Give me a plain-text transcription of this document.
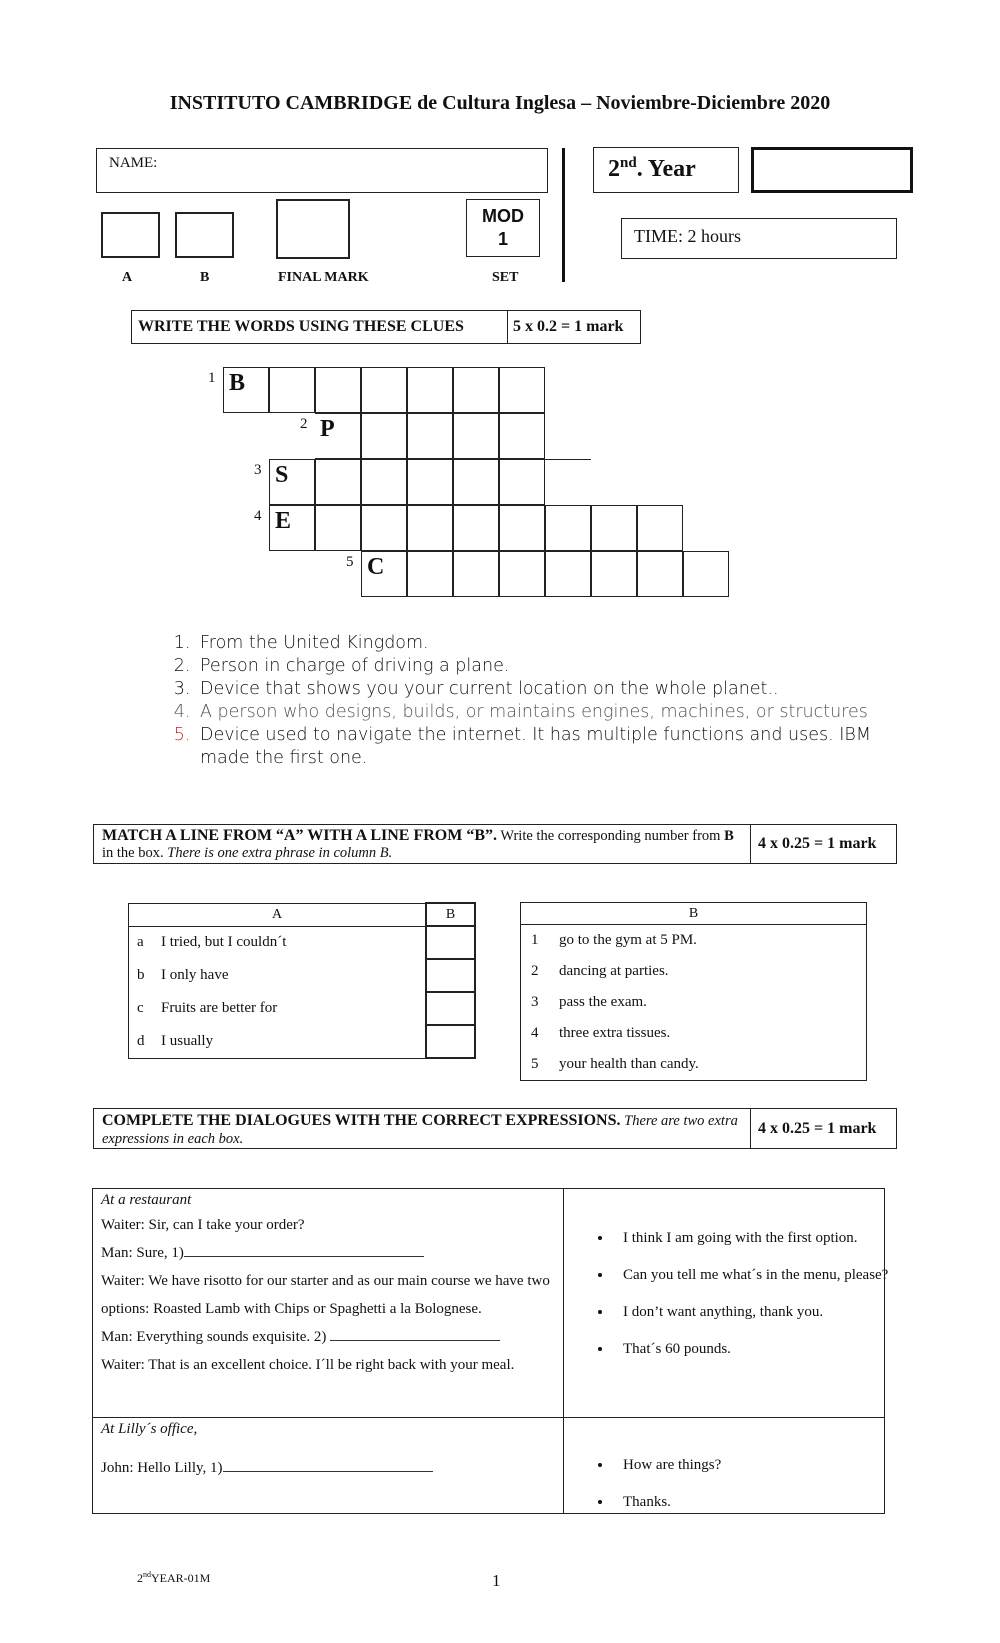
INSTITUTO CAMBRIDGE de Cultura Inglesa – Noviembre-Diciembre 2020
NAME:	2nd. Year
MOD
1	TIME: 2 hours
A	B	FINAL MARK	SET
WRITE THE WORDS USING THESE CLUES	5 x 0.2 = 1 mark
1 B
2 P
3 S
4 E
5 C
1. From the United Kingdom.
2. Person in charge of driving a plane.
3. Device that shows you your current location on the whole planet..
4. A person who designs, builds, or maintains engines, machines, or structures
5. Device used to navigate the internet. It has multiple functions and uses. IBM made the first one.
MATCH A LINE FROM “A” WITH A LINE FROM “B”. Write the corresponding number from B in the box. There is one extra phrase in column B.
4 x 0.25 = 1 mark
A		B
a	I tried, but I couldn´t	
b	I only have	
c	Fruits are better for	
d	I usually	
B	
1	go to the gym at 5 PM.
2	dancing at parties.
3	pass the exam.
4	three extra tissues.
5	your health than candy.
COMPLETE THE DIALOGUES WITH THE CORRECT EXPRESSIONS. There are two extra expressions in each box.
4 x 0.25 = 1 mark
At a restaurant
Waiter: Sir, can I take your order?
Man: Sure, 1)
Waiter: We have risotto for our starter and as our main course we have two options: Roasted Lamb with Chips or Spaghetti a la Bolognese.
Man: Everything sounds exquisite. 2)
Waiter: That is an excellent choice. I´ll be right back with your meal.
• I think I am going with the first option.
• Can you tell me what´s in the menu, please?
• I don’t want anything, thank you.
• That´s 60 pounds.
At Lilly´s office,
John: Hello Lilly, 1)	• How are things?
• Thanks.
2ndYEAR-01M	1
